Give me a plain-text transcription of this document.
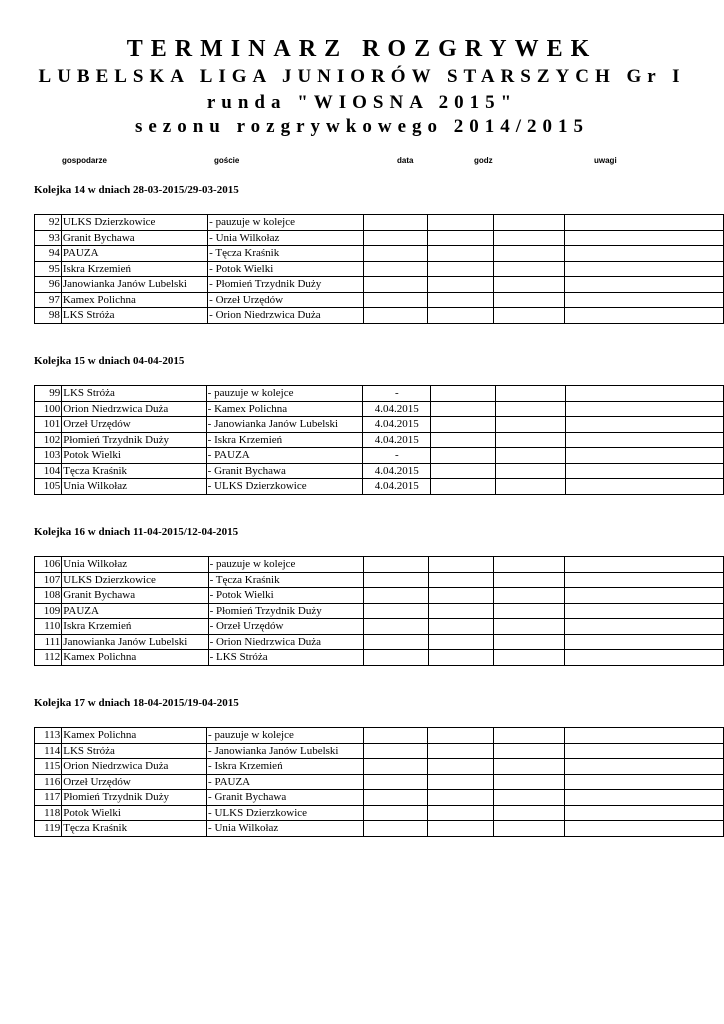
TERMINARZ ROZGRYWEK
LUBELSKA LIGA JUNIORÓW STARSZYCH Gr I
runda "WIOSNA 2015"
sezonu rozgrywkowego 2014/2015
gospodarze	goście	data	godz	uwagi
Kolejka 14 w dniach 28-03-2015/29-03-2015
92	ULKS Dzierzkowice	- pauzuje w kolejce				
93	Granit Bychawa	- Unia Wilkołaz				
94	PAUZA	- Tęcza Kraśnik				
95	Iskra Krzemień	- Potok Wielki				
96	Janowianka Janów Lubelski	- Płomień Trzydnik Duży				
97	Kamex Polichna	- Orzeł Urzędów				
98	LKS Stróża	- Orion Niedrzwica Duża				
Kolejka 15 w dniach 04-04-2015
99	LKS Stróża	- pauzuje w kolejce	-			
100	Orion Niedrzwica Duża	- Kamex Polichna	4.04.2015			
101	Orzeł Urzędów	- Janowianka Janów Lubelski	4.04.2015			
102	Płomień Trzydnik Duży	- Iskra Krzemień	4.04.2015			
103	Potok Wielki	- PAUZA	-			
104	Tęcza Kraśnik	- Granit Bychawa	4.04.2015			
105	Unia Wilkołaz	- ULKS Dzierzkowice	4.04.2015			
Kolejka 16 w dniach 11-04-2015/12-04-2015
106	Unia Wilkołaz	- pauzuje w kolejce				
107	ULKS Dzierzkowice	- Tęcza Kraśnik				
108	Granit Bychawa	- Potok Wielki				
109	PAUZA	- Płomień Trzydnik Duży				
110	Iskra Krzemień	- Orzeł Urzędów				
111	Janowianka Janów Lubelski	- Orion Niedrzwica Duża				
112	Kamex Polichna	- LKS Stróża				
Kolejka 17 w dniach 18-04-2015/19-04-2015
113	Kamex Polichna	- pauzuje w kolejce				
114	LKS Stróża	- Janowianka Janów Lubelski				
115	Orion Niedrzwica Duża	- Iskra Krzemień				
116	Orzeł Urzędów	- PAUZA				
117	Płomień Trzydnik Duży	- Granit Bychawa				
118	Potok Wielki	- ULKS Dzierzkowice				
119	Tęcza Kraśnik	- Unia Wilkołaz				
